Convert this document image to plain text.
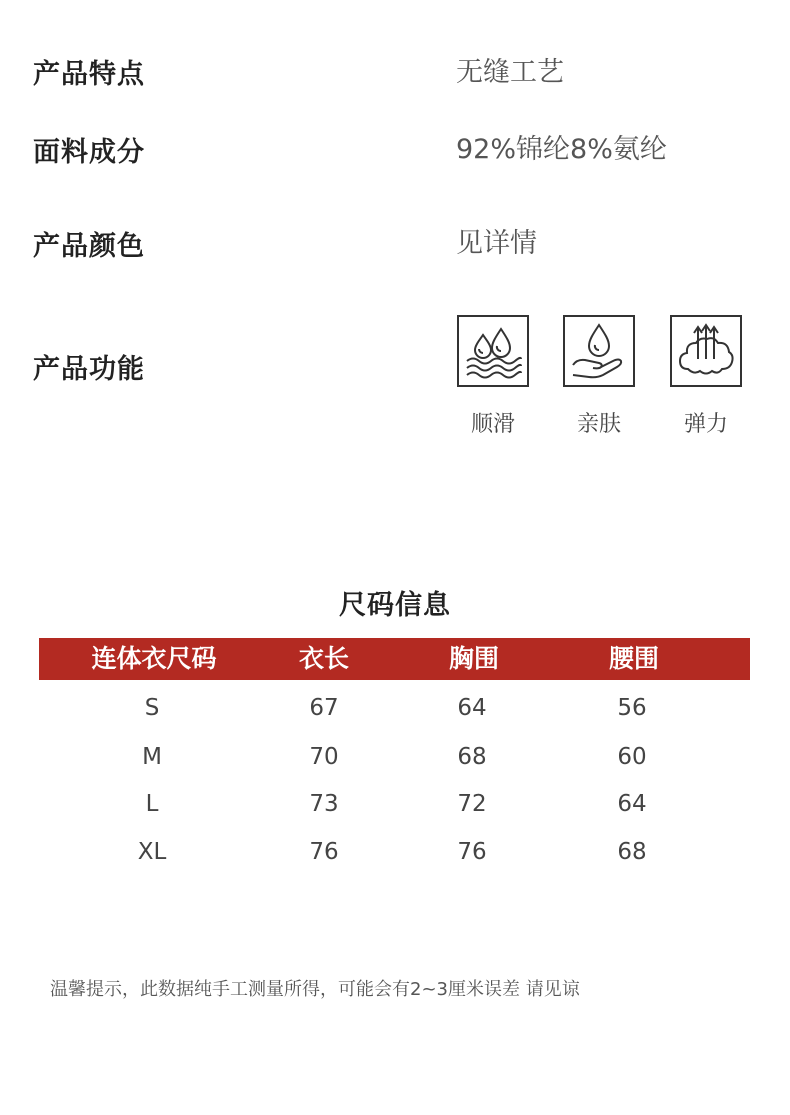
产品特点	无缝工艺
面料成分	92%锦纶8%氨纶
产品颜色	见详情
产品功能
顺滑	亲肤	弹力
尺码信息
连体衣尺码	衣长	胸围	腰围
S	67	64	56
M	70	68	60
L	73	72	64
XL	76	76	68
温馨提示，此数据纯手工测量所得，可能会有2~3厘米误差 请见谅
